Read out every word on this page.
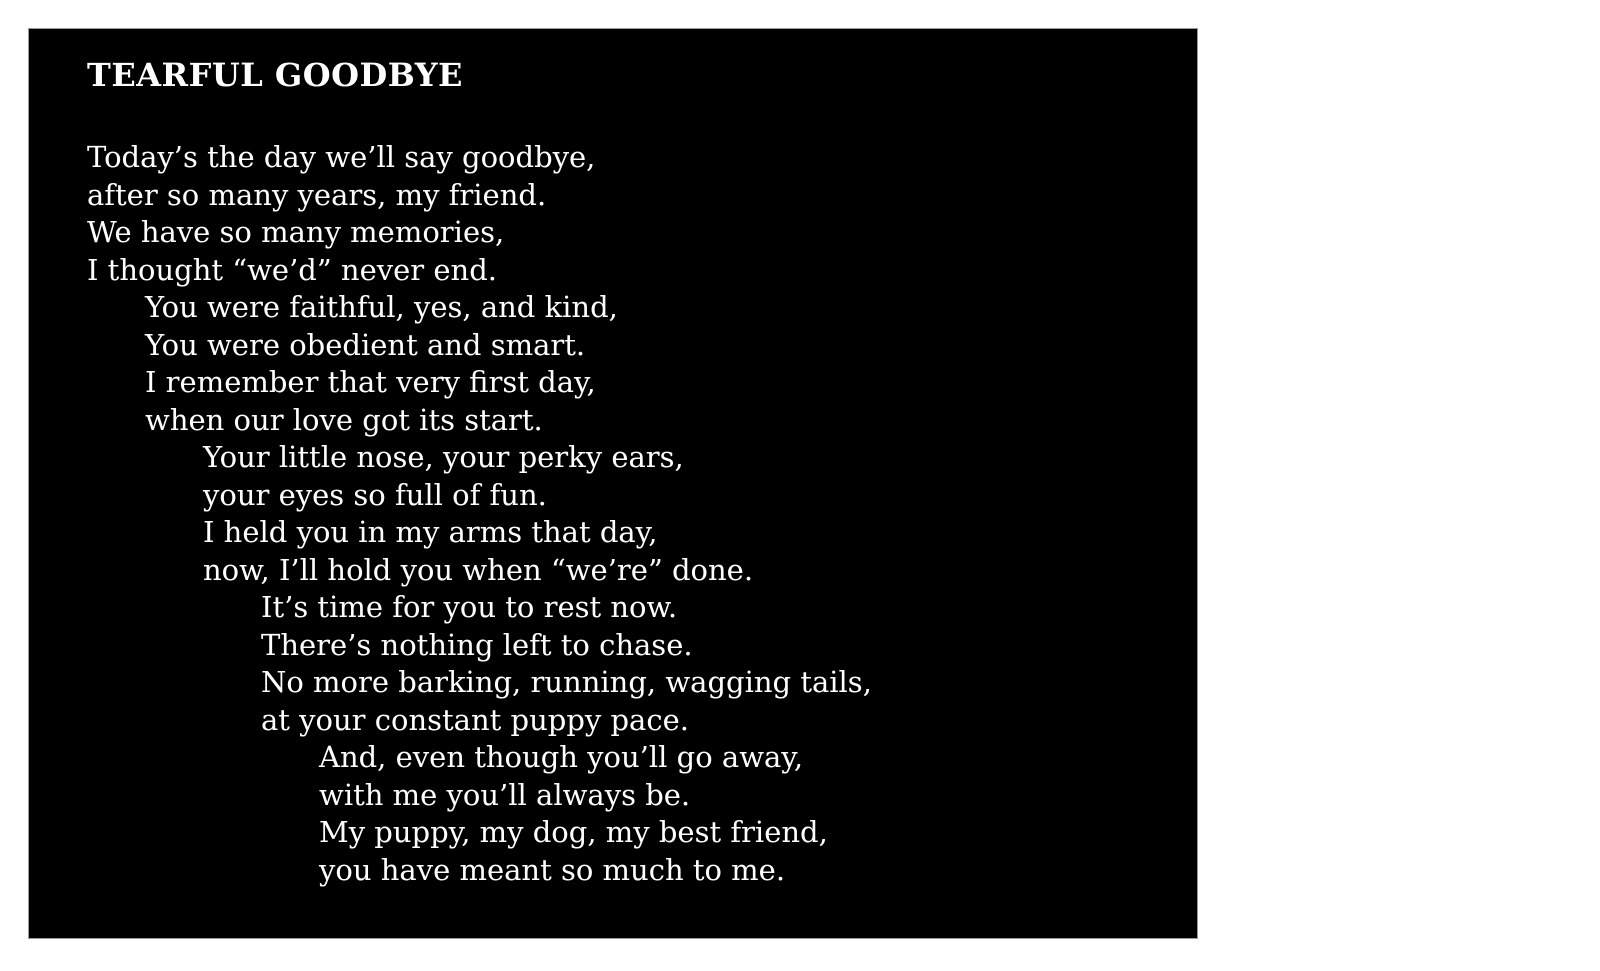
TEARFUL GOODBYE
Today’s the day we’ll say goodbye,
after so many years, my friend.
We have so many memories,
I thought “we’d” never end.
You were faithful, yes, and kind,
You were obedient and smart.
I remember that very first day,
when our love got its start.
Your little nose, your perky ears,
your eyes so full of fun.
I held you in my arms that day,
now, I’ll hold you when “we’re” done.
It’s time for you to rest now.
There’s nothing left to chase.
No more barking, running, wagging tails,
at your constant puppy pace.
And, even though you’ll go away,
with me you’ll always be.
My puppy, my dog, my best friend,
you have meant so much to me.
